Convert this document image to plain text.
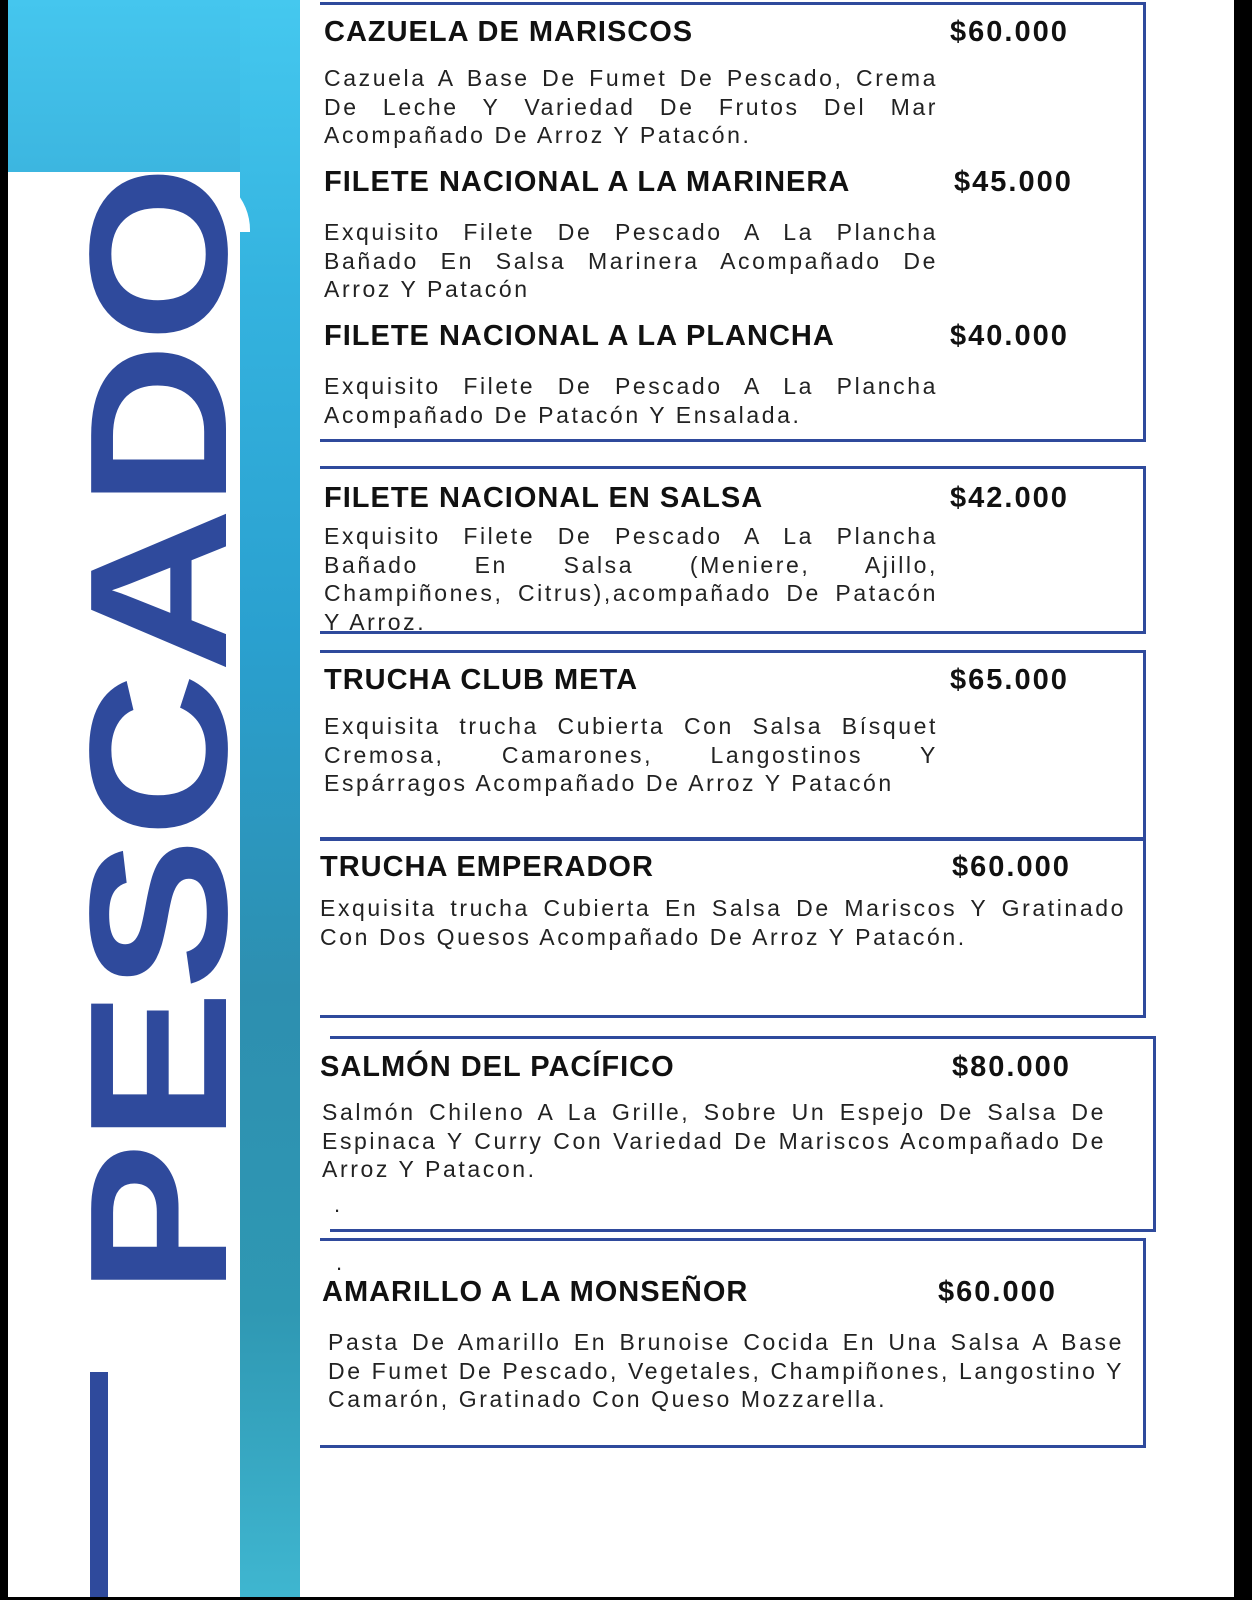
PESCADO
CAZUELA DE MARISCOS	$60.000
Cazuela A Base De Fumet De Pescado, Crema De Leche Y Variedad De Frutos Del Mar Acompañado De Arroz Y Patacón.
FILETE NACIONAL A LA MARINERA	$45.000
Exquisito Filete De Pescado A La Plancha Bañado En Salsa Marinera Acompañado De Arroz Y Patacón
FILETE NACIONAL A LA PLANCHA	$40.000
Exquisito Filete De Pescado A La Plancha Acompañado De Patacón Y Ensalada.
FILETE NACIONAL EN SALSA	$42.000
Exquisito Filete De Pescado A La Plancha Bañado En Salsa (Meniere, Ajillo, Champiñones, Citrus),acompañado De Patacón Y Arroz.
TRUCHA CLUB META	$65.000
Exquisita trucha Cubierta Con Salsa Bísquet Cremosa, Camarones, Langostinos Y Espárragos Acompañado De Arroz Y Patacón
TRUCHA EMPERADOR	$60.000
Exquisita trucha Cubierta En Salsa De Mariscos Y Gratinado Con Dos Quesos Acompañado De Arroz Y Patacón.
SALMÓN DEL PACÍFICO	$80.000
Salmón Chileno A La Grille, Sobre Un Espejo De Salsa De Espinaca Y Curry Con Variedad De Mariscos Acompañado De Arroz Y Patacon.
.
.
AMARILLO A LA MONSEÑOR	$60.000
Pasta De Amarillo En Brunoise Cocida En Una Salsa A Base De Fumet De Pescado, Vegetales, Champiñones, Langostino Y Camarón, Gratinado Con Queso Mozzarella.
